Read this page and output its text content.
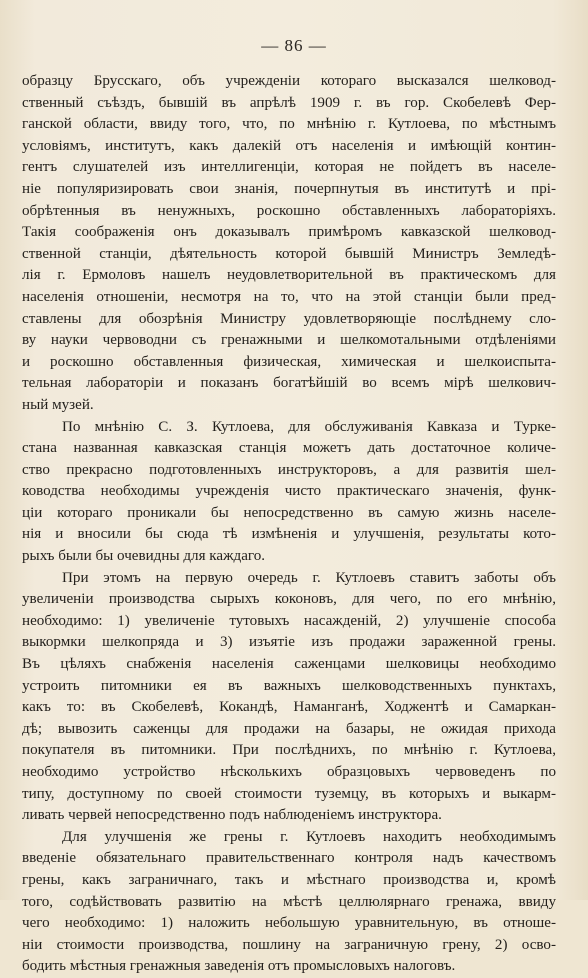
— 86 —
образцу Брусскаго, объ учрежденіи котораго высказался шелковод-
ственный съѣздъ, бывшій въ апрѣлѣ 1909 г. въ гор. Скобелевѣ Фер-
ганской области, ввиду того, что, по мнѣнію г. Кутлоева, по мѣстнымъ
условіямъ, институтъ, какъ далекій отъ населенія и имѣющій контин-
гентъ слушателей изъ интеллигенціи, которая не пойдетъ въ населе-
ніе популяризировать свои знанія, почерпнутыя въ институтѣ и прі-
обрѣтенныя въ ненужныхъ, роскошно обставленныхъ лабораторіяхъ.
Такія соображенія онъ доказывалъ примѣромъ кавказской шелковод-
ственной станціи, дѣятельность которой бывшій Министръ Земледѣ-
лія г. Ермоловъ нашелъ неудовлетворительной въ практическомъ для
населенія отношеніи, несмотря на то, что на этой станціи были пред-
ставлены для обозрѣнія Министру удовлетворяющіе послѣднему сло-
ву науки червоводни съ гренажными и шелкомотальными отдѣленіями
и роскошно обставленныя физическая, химическая и шелкоиспыта-
тельная лабораторіи и показанъ богатѣйшій во всемъ мірѣ шелкович-
ный музей.
По мнѣнію С. З. Кутлоева, для обслуживанія Кавказа и Турке-
стана названная кавказская станція можетъ дать достаточное количе-
ство прекрасно подготовленныхъ инструкторовъ, а для развитія шел-
ководства необходимы учрежденія чисто практическаго значенія, функ-
ціи котораго проникали бы непосредственно въ самую жизнь населе-
нія и вносили бы сюда тѣ измѣненія и улучшенія, результаты кото-
рыхъ были бы очевидны для каждаго.
При этомъ на первую очередь г. Кутлоевъ ставитъ заботы объ
увеличеніи производства сырыхъ коконовъ, для чего, по его мнѣнію,
необходимо: 1) увеличеніе тутовыхъ насажденій, 2) улучшеніе способа
выкормки шелкопряда и 3) изъятіе изъ продажи зараженной грены.
Въ цѣляхъ снабженія населенія саженцами шелковицы необходимо
устроить питомники ея въ важныхъ шелководственныхъ пунктахъ,
какъ то: въ Скобелевѣ, Кокандѣ, Наманганѣ, Ходжентѣ и Самаркан-
дѣ; вывозить саженцы для продажи на базары, не ожидая прихода
покупателя въ питомники. При послѣднихъ, по мнѣнію г. Кутлоева,
необходимо устройство нѣсколькихъ образцовыхъ червоведенъ по
типу, доступному по своей стоимости туземцу, въ которыхъ и выкарм-
ливать червей непосредственно подъ наблюденіемъ инструктора.
Для улучшенія же грены г. Кутлоевъ находитъ необходимымъ
введеніе обязательнаго правительственнаго контроля надъ качествомъ
грены, какъ заграничнаго, такъ и мѣстнаго производства и, кромѣ
того, содѣйствовать развитію на мѣстѣ целлюлярнаго гренажа, ввиду
чего необходимо: 1) наложить небольшую уравнительную, въ отноше-
ніи стоимости производства, пошлину на заграничную грену, 2) осво-
бодить мѣстныя гренажныя заведенія отъ промысловыхъ налоговъ.
